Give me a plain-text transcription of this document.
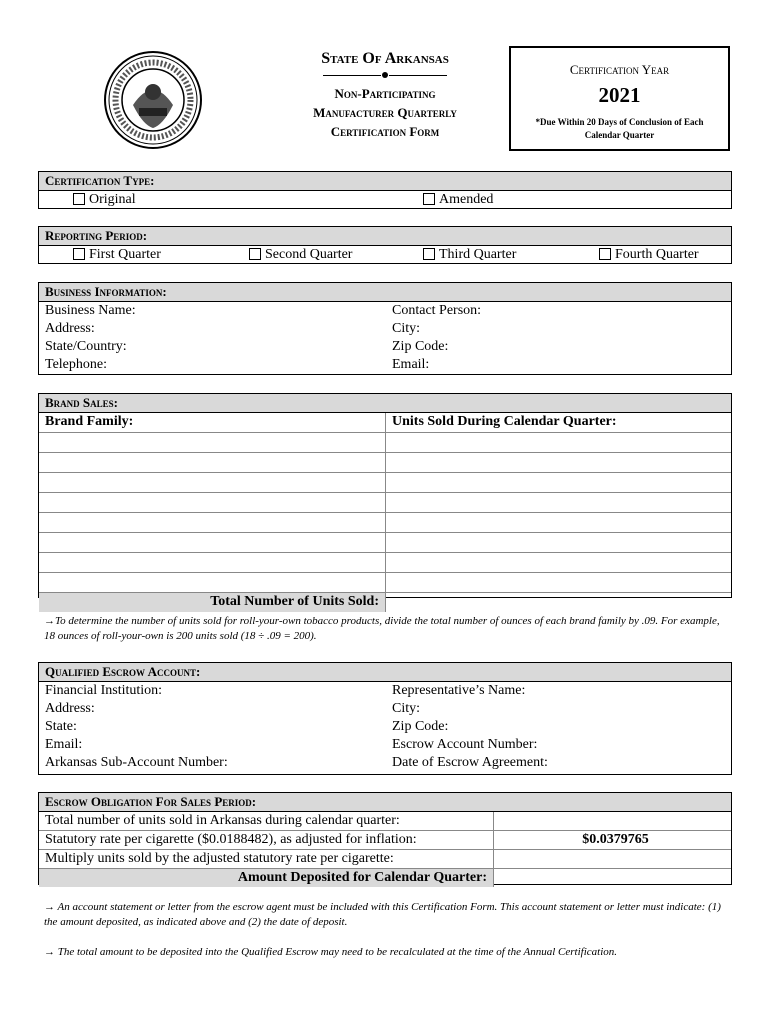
State Of Arkansas
Non-Participating
Manufacturer Quarterly
Certification Form
Certification Year
2021
*Due Within 20 Days of Conclusion of Each
Calendar Quarter
Certification Type:
Original	Amended
Reporting Period:
First Quarter	Second Quarter	Third Quarter	Fourth Quarter
Business Information:
Business Name:	Contact Person:
Address:	City:
State/Country:	Zip Code:
Telephone:	Email:
Brand Sales:
Brand Family:	Units Sold During Calendar Quarter:
Total Number of Units Sold:
→To determine the number of units sold for roll-your-own tobacco products, divide the total number of ounces of each brand family by .09. For example, 18 ounces of roll-your-own is 200 units sold (18 ÷ .09 = 200).
Qualified Escrow Account:
Financial Institution:	Representative’s Name:
Address:	City:
State:	Zip Code:
Email:	Escrow Account Number:
Arkansas Sub-Account Number:	Date of Escrow Agreement:
Escrow Obligation For Sales Period:
Total number of units sold in Arkansas during calendar quarter:
Statutory rate per cigarette ($0.0188482), as adjusted for inflation:	$0.0379765
Multiply units sold by the adjusted statutory rate per cigarette:
Amount Deposited for Calendar Quarter:
→ An account statement or letter from the escrow agent must be included with this Certification Form. This account statement or letter must indicate: (1) the amount deposited, as indicated above and (2) the date of deposit.
→ The total amount to be deposited into the Qualified Escrow may need to be recalculated at the time of the Annual Certification.
